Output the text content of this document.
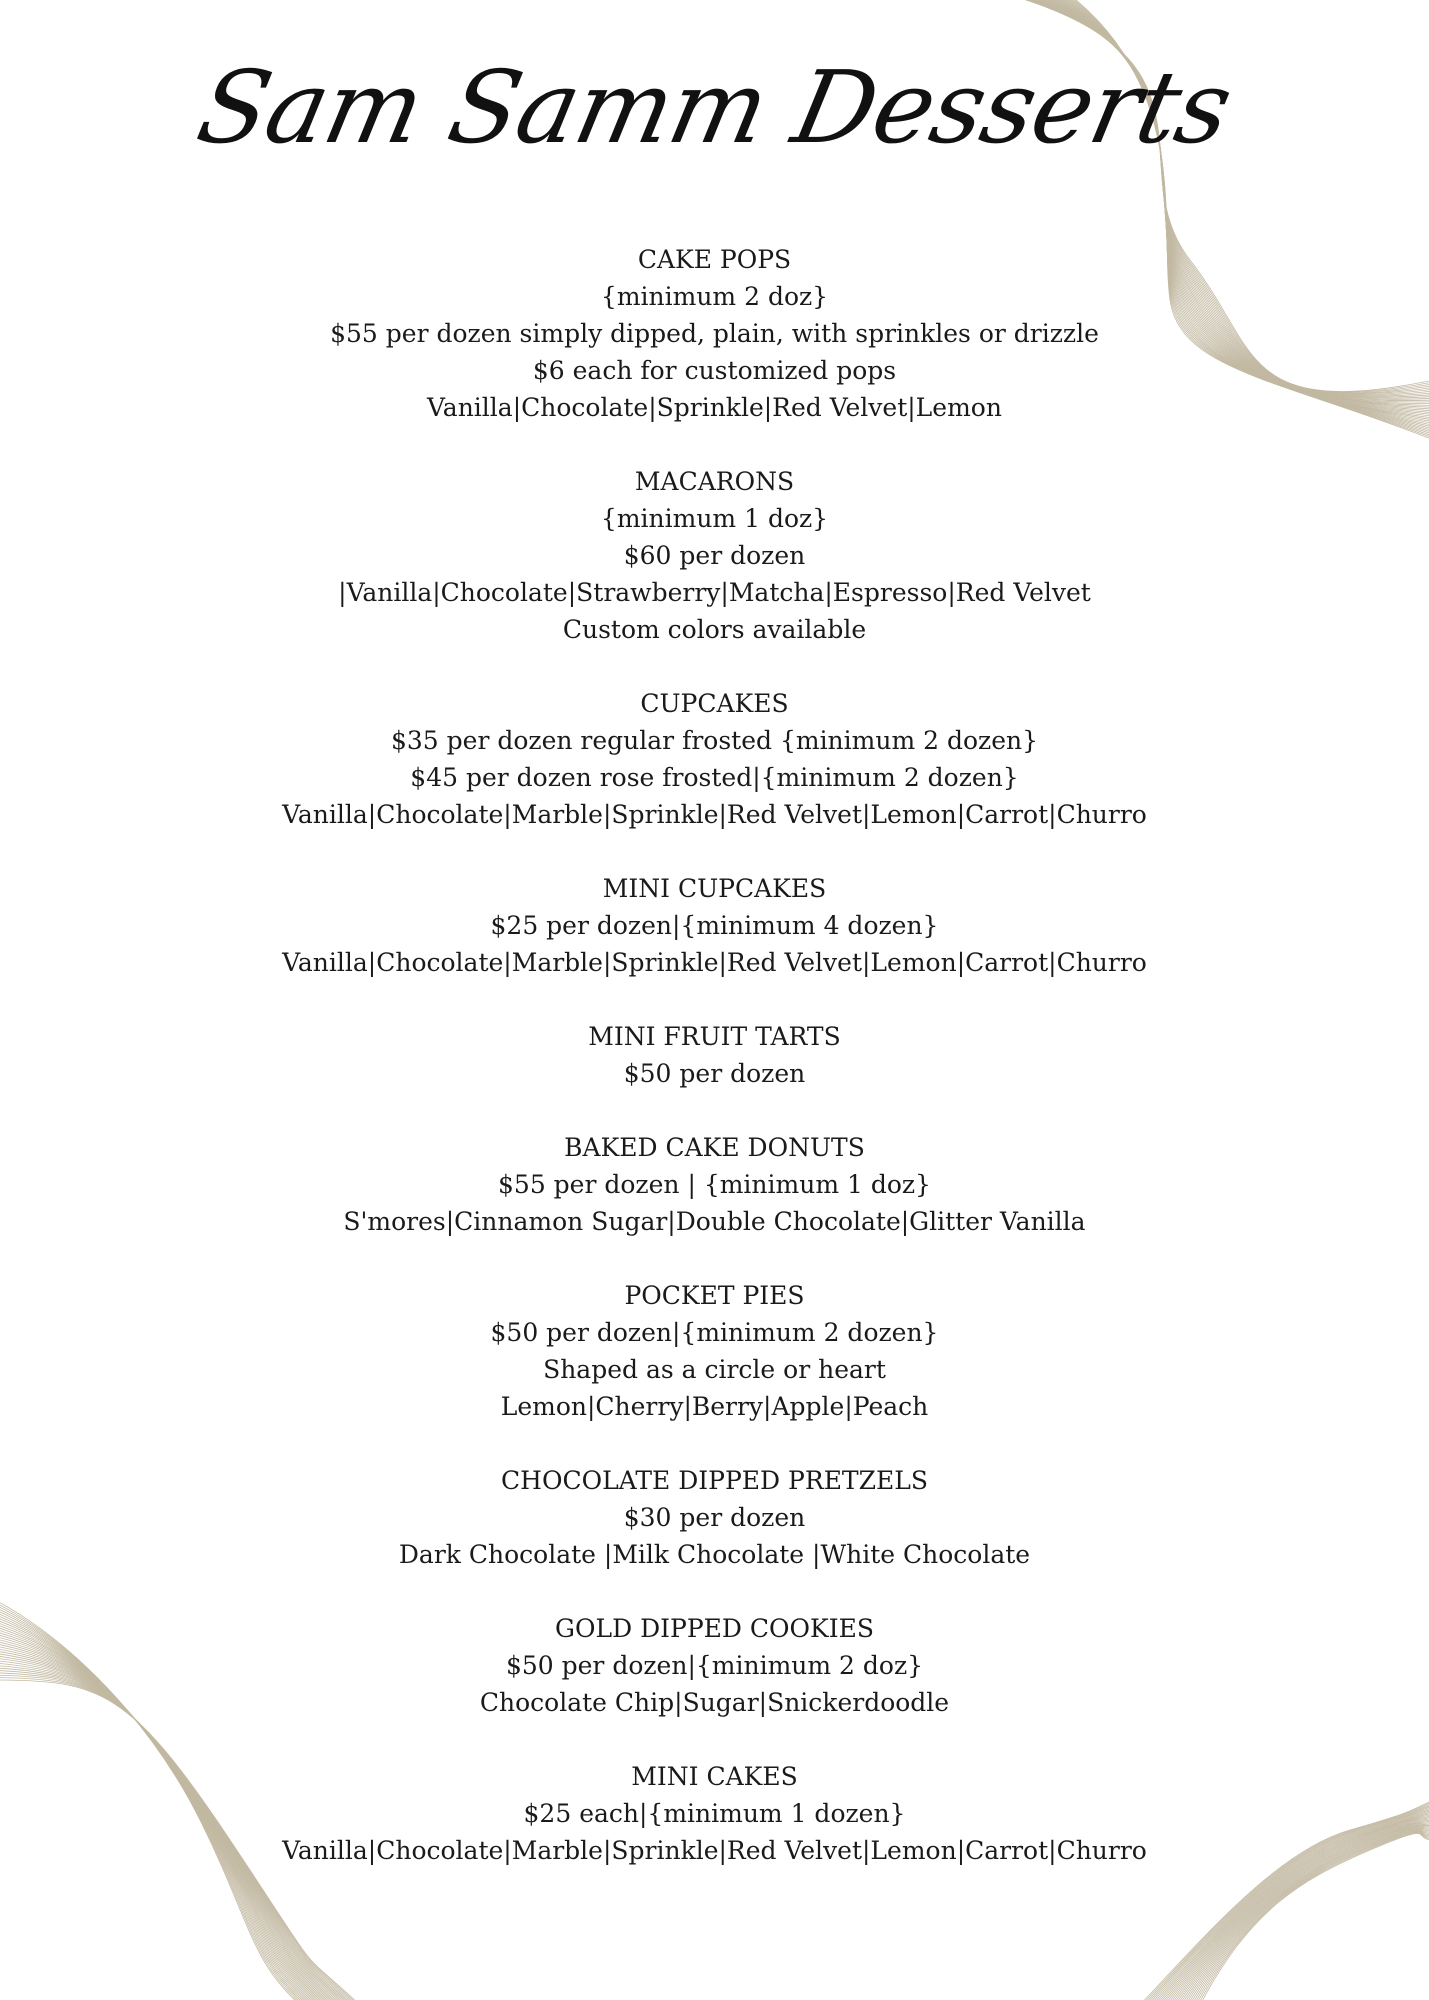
Sam Samm Desserts
CAKE POPS
{minimum 2 doz}
$55 per dozen simply dipped, plain, with sprinkles or drizzle
$6 each for customized pops
Vanilla|Chocolate|Sprinkle|Red Velvet|Lemon
MACARONS
{minimum 1 doz}
$60 per dozen
|Vanilla|Chocolate|Strawberry|Matcha|Espresso|Red Velvet
Custom colors available
CUPCAKES
$35 per dozen regular frosted {minimum 2 dozen}
$45 per dozen rose frosted|{minimum 2 dozen}
Vanilla|Chocolate|Marble|Sprinkle|Red Velvet|Lemon|Carrot|Churro
MINI CUPCAKES
$25 per dozen|{minimum 4 dozen}
Vanilla|Chocolate|Marble|Sprinkle|Red Velvet|Lemon|Carrot|Churro
MINI FRUIT TARTS
$50 per dozen
BAKED CAKE DONUTS
$55 per dozen | {minimum 1 doz}
S'mores|Cinnamon Sugar|Double Chocolate|Glitter Vanilla
POCKET PIES
$50 per dozen|{minimum 2 dozen}
Shaped as a circle or heart
Lemon|Cherry|Berry|Apple|Peach
CHOCOLATE DIPPED PRETZELS
$30 per dozen
Dark Chocolate |Milk Chocolate |White Chocolate
GOLD DIPPED COOKIES
$50 per dozen|{minimum 2 doz}
Chocolate Chip|Sugar|Snickerdoodle
MINI CAKES
$25 each|{minimum 1 dozen}
Vanilla|Chocolate|Marble|Sprinkle|Red Velvet|Lemon|Carrot|Churro
